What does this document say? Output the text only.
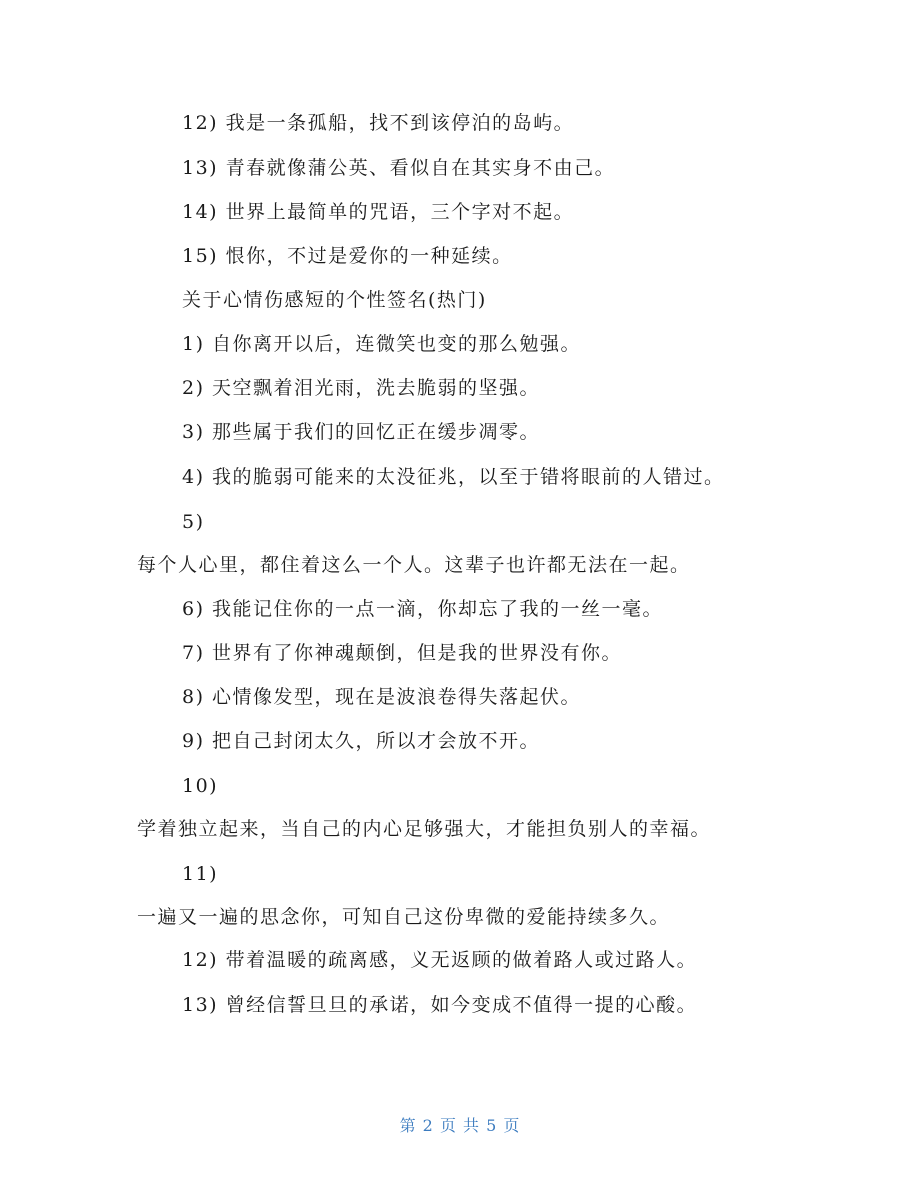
12) 我是一条孤船，找不到该停泊的岛屿。
13) 青春就像蒲公英、看似自在其实身不由己。
14) 世界上最简单的咒语，三个字对不起。
15) 恨你，不过是爱你的一种延续。
关于心情伤感短的个性签名(热门)
1) 自你离开以后，连微笑也变的那么勉强。
2) 天空飘着泪光雨，洗去脆弱的坚强。
3) 那些属于我们的回忆正在缓步凋零。
4) 我的脆弱可能来的太没征兆，以至于错将眼前的人错过。
5)
每个人心里，都住着这么一个人。这辈子也许都无法在一起。
6) 我能记住你的一点一滴，你却忘了我的一丝一毫。
7) 世界有了你神魂颠倒，但是我的世界没有你。
8) 心情像发型，现在是波浪卷得失落起伏。
9) 把自己封闭太久，所以才会放不开。
10)
学着独立起来，当自己的内心足够强大，才能担负别人的幸福。
11)
一遍又一遍的思念你，可知自己这份卑微的爱能持续多久。
12) 带着温暖的疏离感，义无返顾的做着路人或过路人。
13) 曾经信誓旦旦的承诺，如今变成不值得一提的心酸。
第 2 页 共 5 页
